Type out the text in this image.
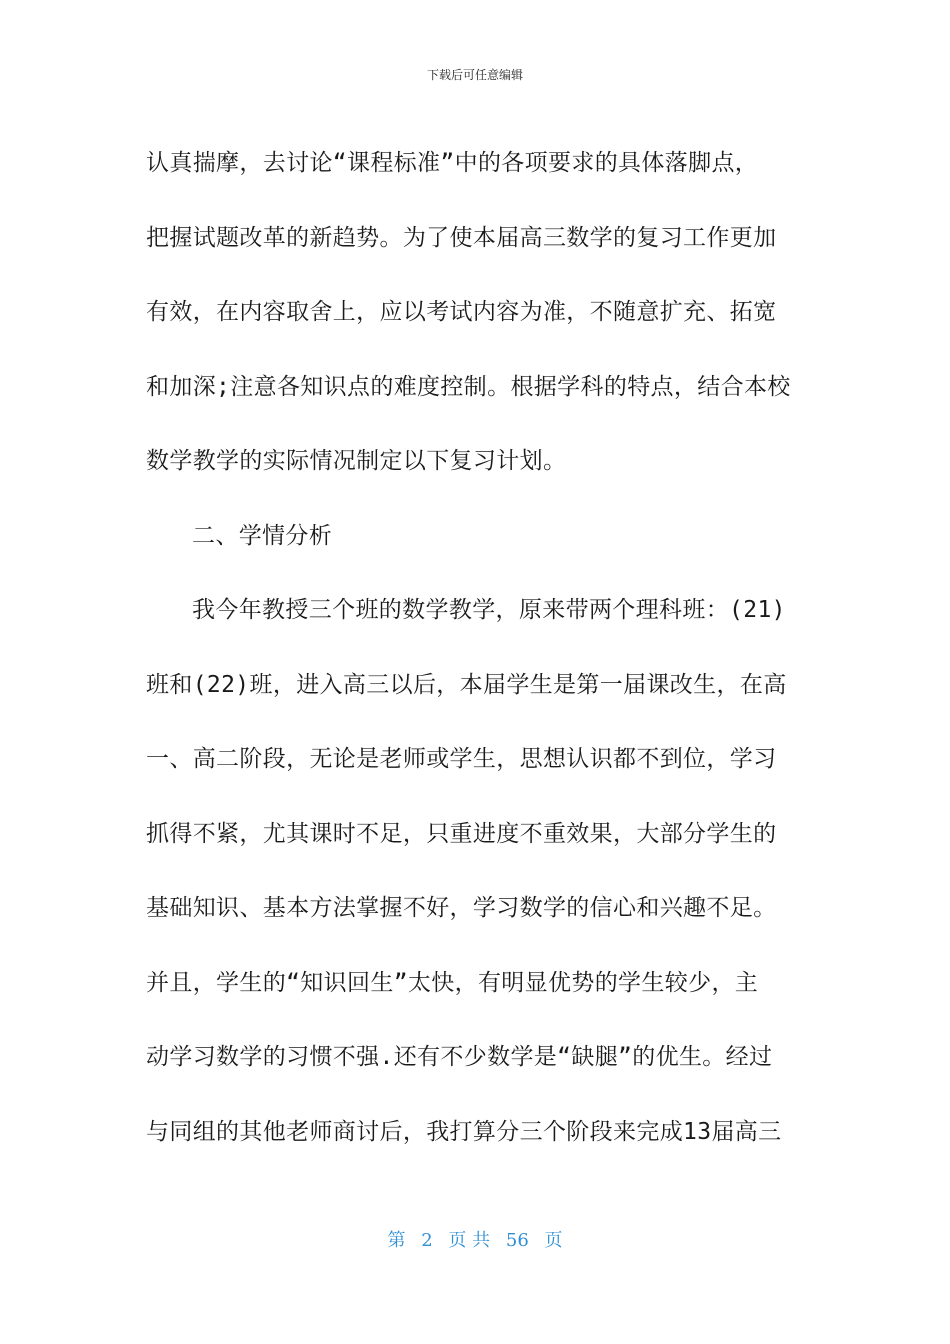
下载后可任意编辑
认真揣摩，去讨论“课程标准”中的各项要求的具体落脚点，
把握试题改革的新趋势。为了使本届高三数学的复习工作更加
有效，在内容取舍上，应以考试内容为准，不随意扩充、拓宽
和加深;注意各知识点的难度控制。根据学科的特点，结合本校
数学教学的实际情况制定以下复习计划。
二、学情分析
我今年教授三个班的数学教学，原来带两个理科班：(21)
班和(22)班，进入高三以后，本届学生是第一届课改生，在高
一、高二阶段，无论是老师或学生，思想认识都不到位，学习
抓得不紧，尤其课时不足，只重进度不重效果，大部分学生的
基础知识、基本方法掌握不好，学习数学的信心和兴趣不足。
并且，学生的“知识回生”太快，有明显优势的学生较少，主
动学习数学的习惯不强.还有不少数学是“缺腿”的优生。经过
与同组的其他老师商讨后，我打算分三个阶段来完成13届高三
第 2 页 共 56 页
